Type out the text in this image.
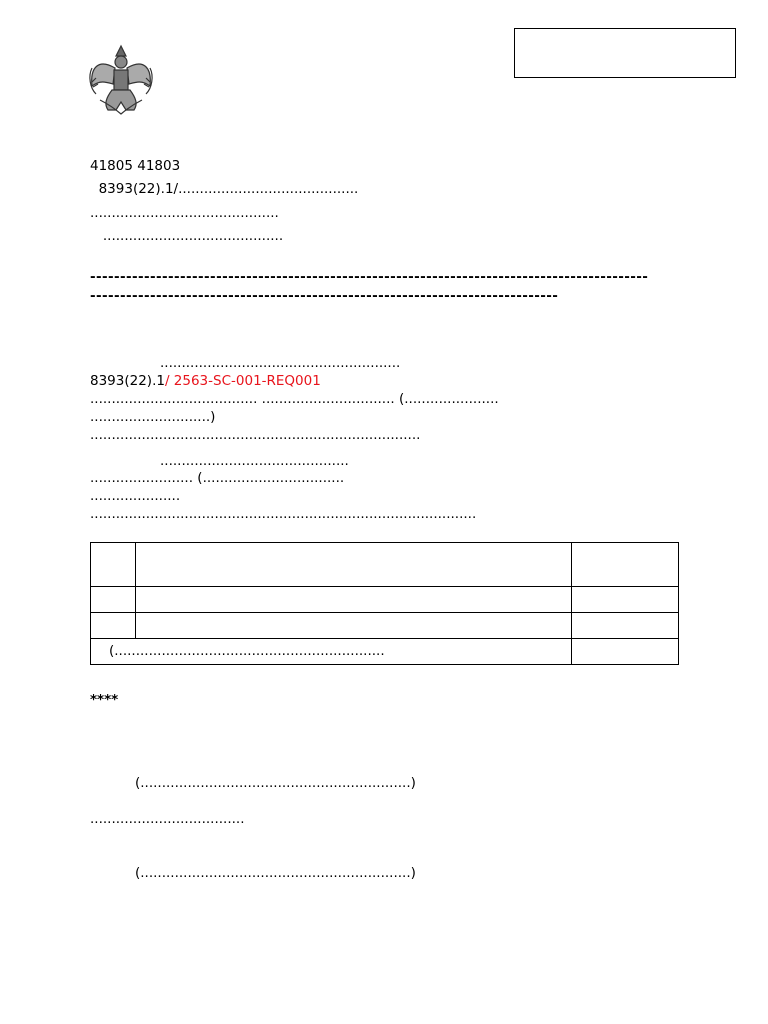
41805 41803
8393(22).1/..........................................
............................................
..........................................
---------------------------------------------------------------------------------------------
------------------------------------------------------------------------------
........................................................
8393(22).1/ 2563-SC-001-REQ001
....................................... ............................... (......................
............................)
.............................................................................
............................................
........................ (.................................
.....................
..........................................................................................

(...............................................................		
****
(...............................................................)
....................................
(...............................................................)
